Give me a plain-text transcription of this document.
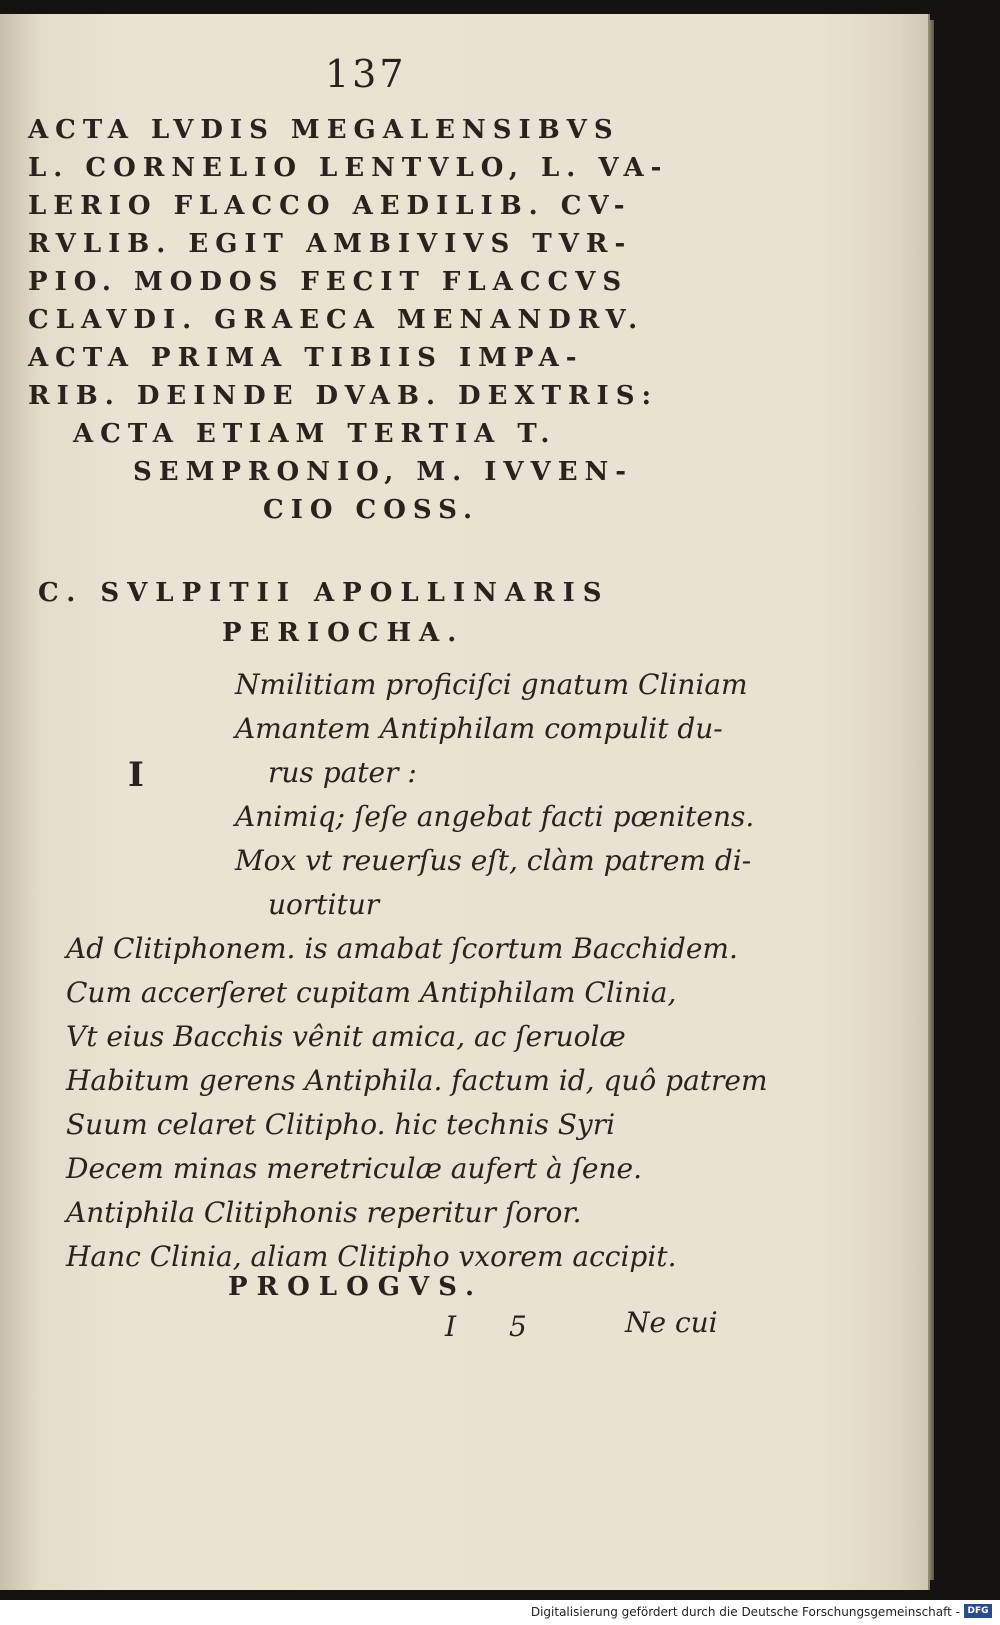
137
ACTA LVDIS MEGALENSIBVS
L. CORNELIO LENTVLO, L. VA-
LERIO FLACCO AEDILIB. CV-
RVLIB. EGIT AMBIVIVS TVR-
PIO. MODOS FECIT FLACCVS
CLAVDI. GRAECA MENANDRV.
ACTA PRIMA TIBIIS IMPA-
RIB. DEINDE DVAB. DEXTRIS:
ACTA ETIAM TERTIA T.
SEMPRONIO, M. IVVEN-
CIO COSS.
C. SVLPITII APOLLINARIS
PERIOCHA.
I
Nmilitiam proficiſci gnatum Cliniam
Amantem Antiphilam compulit du-
rus pater :
Animiq; ſeſe angebat facti pœnitens.
Mox vt reuerſus eſt, clàm patrem di-
uortitur
Ad Clitiphonem. is amabat ſcortum Bacchidem.
Cum accerſeret cupitam Antiphilam Clinia,
Vt eius Bacchis vênit amica, ac ſeruolæ
Habitum gerens Antiphila. factum id, quô patrem
Suum celaret Clitipho. hic technis Syri
Decem minas meretriculæ aufert à ſene.
Antiphila Clitiphonis reperitur ſoror.
Hanc Clinia, aliam Clitipho vxorem accipit.
PROLOGVS.
I 5	Ne cui
Digitalisierung gefördert durch die Deutsche Forschungsgemeinschaft - DFG
